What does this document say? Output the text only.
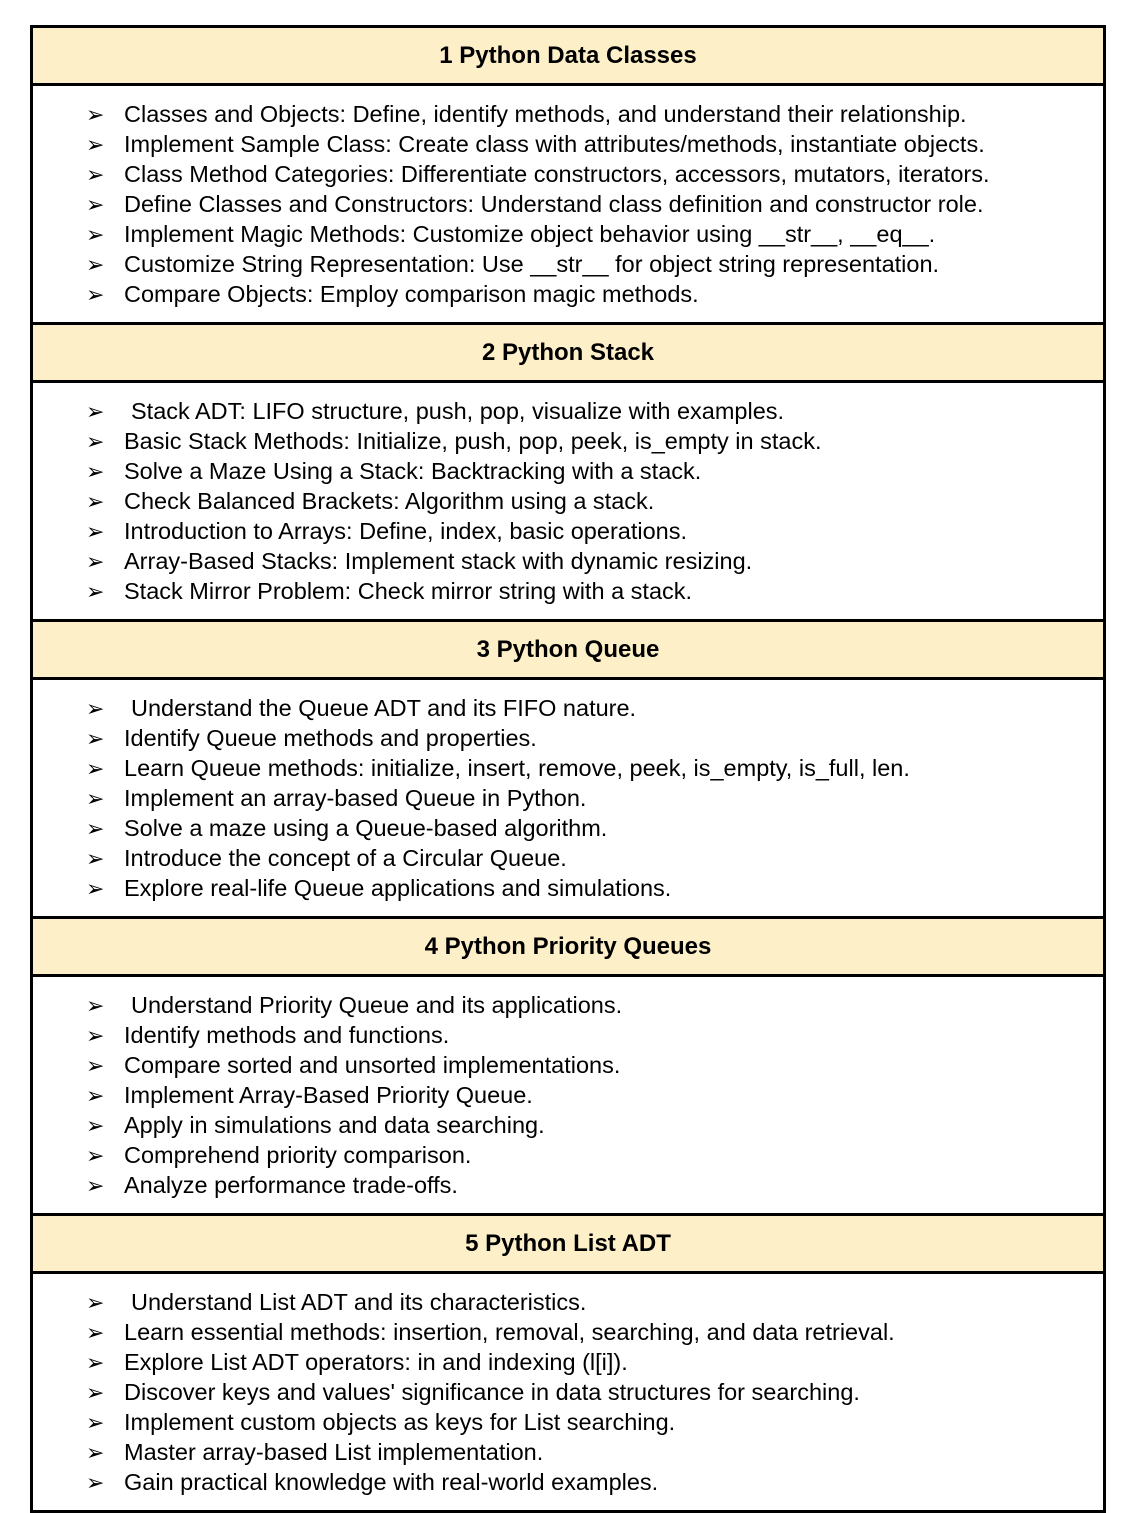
1 Python Data Classes
➢ Classes and Objects: Define, identify methods, and understand their relationship.
➢ Implement Sample Class: Create class with attributes/methods, instantiate objects.
➢ Class Method Categories: Differentiate constructors, accessors, mutators, iterators.
➢ Define Classes and Constructors: Understand class definition and constructor role.
➢ Implement Magic Methods: Customize object behavior using __str__, __eq__.
➢ Customize String Representation: Use __str__ for object string representation.
➢ Compare Objects: Employ comparison magic methods.
2 Python Stack
➢	Stack ADT: LIFO structure, push, pop, visualize with examples.
➢ Basic Stack Methods: Initialize, push, pop, peek, is_empty in stack.
➢ Solve a Maze Using a Stack: Backtracking with a stack.
➢ Check Balanced Brackets: Algorithm using a stack.
➢ Introduction to Arrays: Define, index, basic operations.
➢ Array-Based Stacks: Implement stack with dynamic resizing.
➢ Stack Mirror Problem: Check mirror string with a stack.
3 Python Queue
➢	Understand the Queue ADT and its FIFO nature.
➢ Identify Queue methods and properties.
➢ Learn Queue methods: initialize, insert, remove, peek, is_empty, is_full, len.
➢ Implement an array-based Queue in Python.
➢ Solve a maze using a Queue-based algorithm.
➢ Introduce the concept of a Circular Queue.
➢ Explore real-life Queue applications and simulations.
4 Python Priority Queues
➢	Understand Priority Queue and its applications.
➢ Identify methods and functions.
➢ Compare sorted and unsorted implementations.
➢ Implement Array-Based Priority Queue.
➢ Apply in simulations and data searching.
➢ Comprehend priority comparison.
➢ Analyze performance trade-offs.
5 Python List ADT
➢	Understand List ADT and its characteristics.
➢ Learn essential methods: insertion, removal, searching, and data retrieval.
➢ Explore List ADT operators: in and indexing (l[i]).
➢ Discover keys and values' significance in data structures for searching.
➢ Implement custom objects as keys for List searching.
➢ Master array-based List implementation.
➢ Gain practical knowledge with real-world examples.
